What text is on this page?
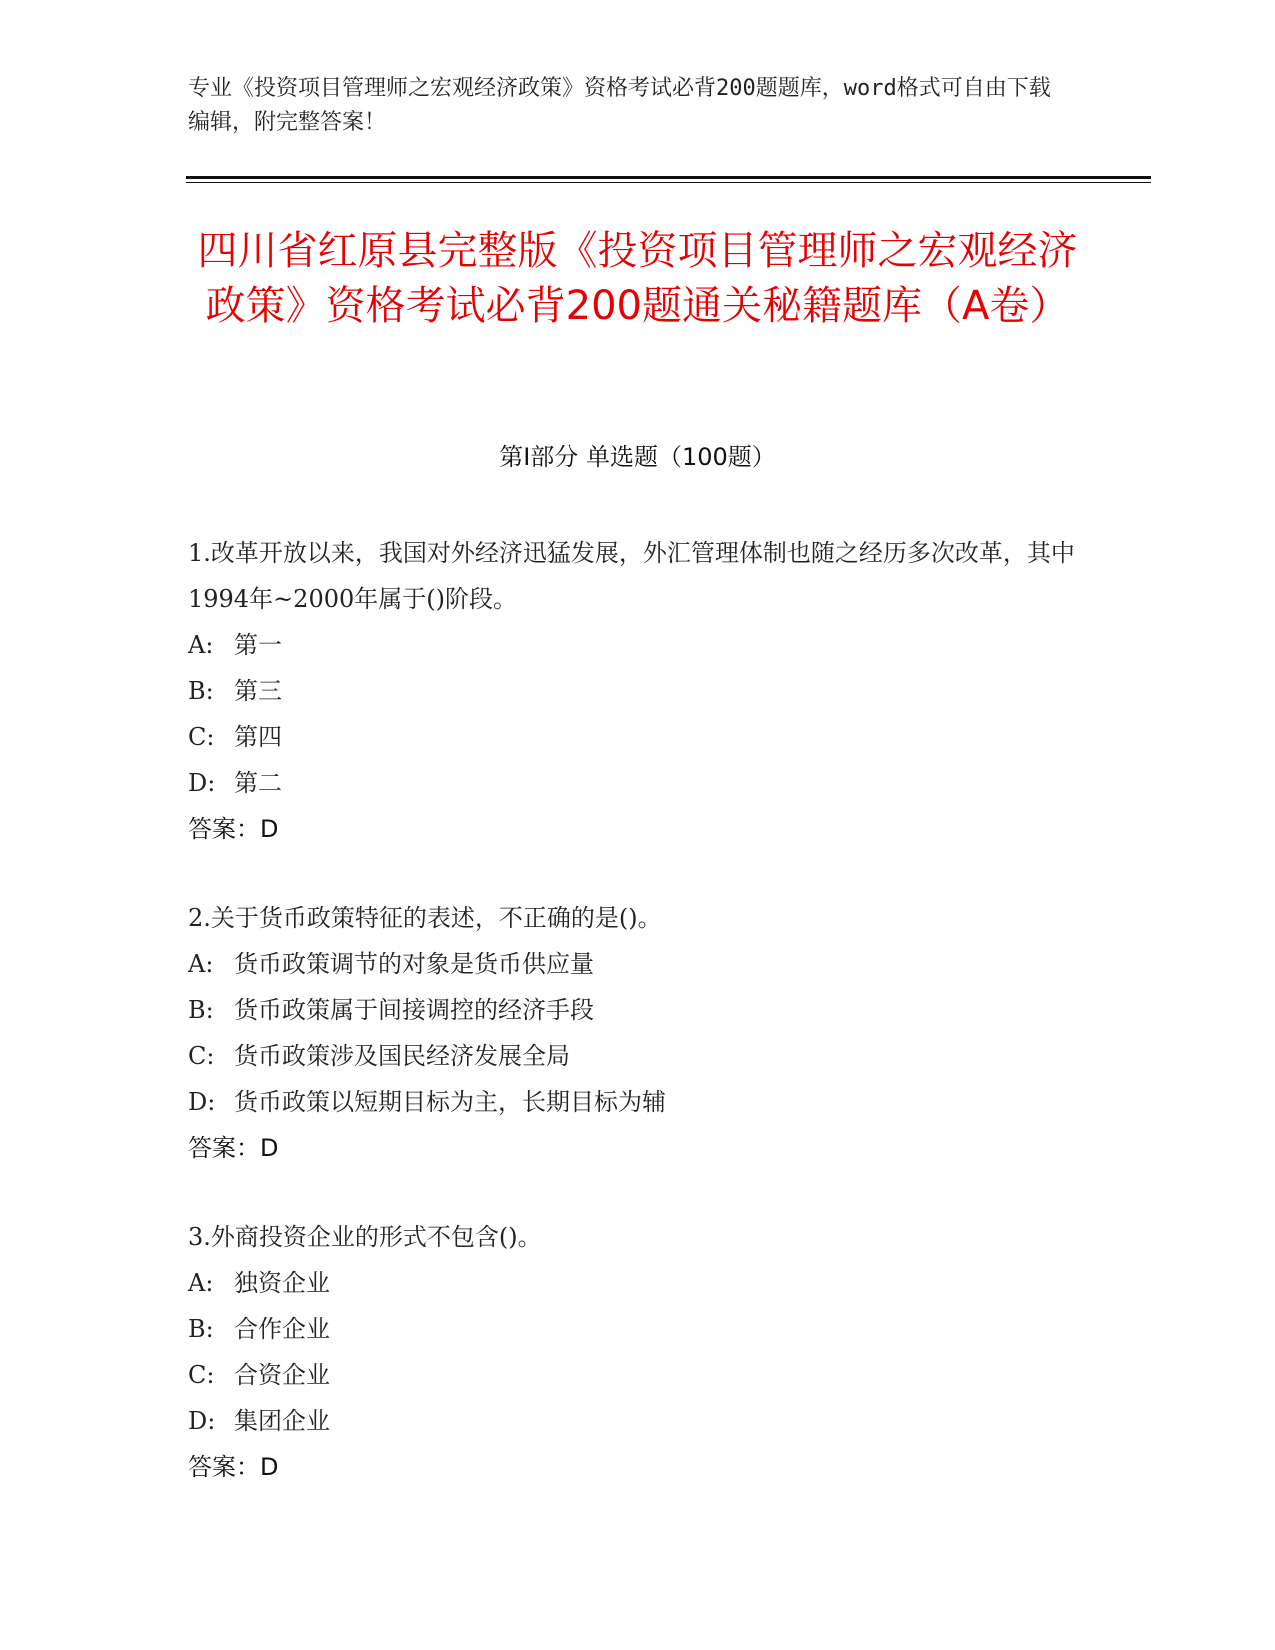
专业《投资项目管理师之宏观经济政策》资格考试必背200题题库，word格式可自由下载编辑，附完整答案！
四川省红原县完整版《投资项目管理师之宏观经济政策》资格考试必背200题通关秘籍题库（A卷）
第Ⅰ部分 单选题（100题）
1.改革开放以来，我国对外经济迅猛发展，外汇管理体制也随之经历多次改革，其中1994年~2000年属于()阶段。
A: 第一
B: 第三
C: 第四
D: 第二
答案：D
2.关于货币政策特征的表述，不正确的是()。
A: 货币政策调节的对象是货币供应量
B: 货币政策属于间接调控的经济手段
C: 货币政策涉及国民经济发展全局
D: 货币政策以短期目标为主，长期目标为辅
答案：D
3.外商投资企业的形式不包含()。
A: 独资企业
B: 合作企业
C: 合资企业
D: 集团企业
答案：D
